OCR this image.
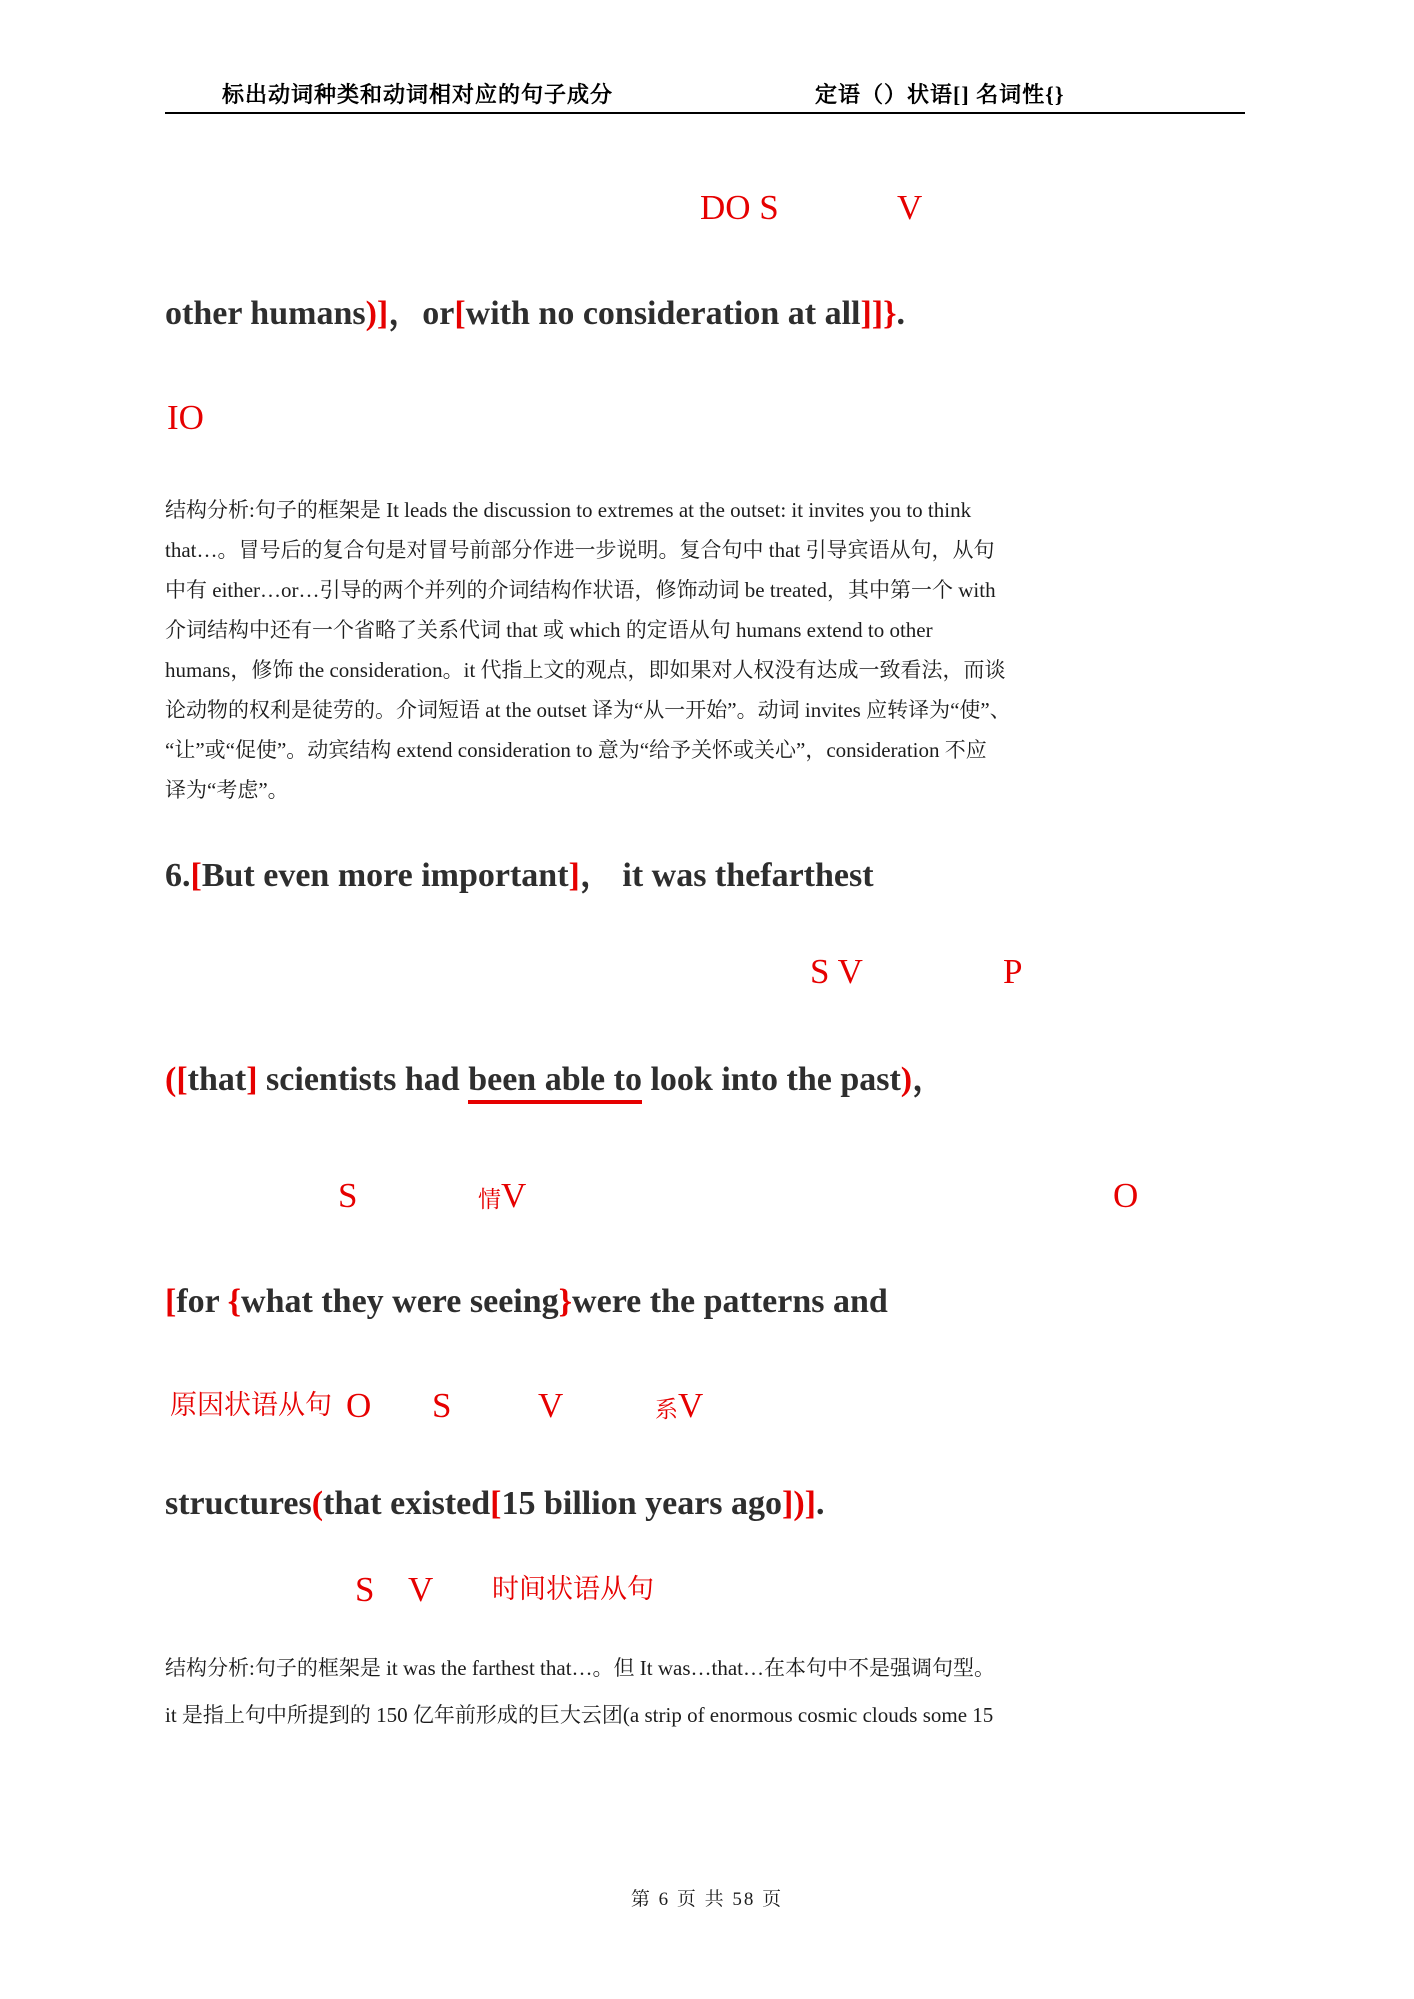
标出动词种类和动词相对应的句子成分	定语（）状语[] 名词性{}
DO S	V
other humans)]，or[with no consideration at all]]}.
IO
结构分析:句子的框架是 It leads the discussion to extremes at the outset: it invites you to think
that…。冒号后的复合句是对冒号前部分作进一步说明。复合句中 that 引导宾语从句，从句
中有 either…or…引导的两个并列的介词结构作状语，修饰动词 be treated，其中第一个 with
介词结构中还有一个省略了关系代词 that 或 which 的定语从句 humans extend to other
humans，修饰 the consideration。it 代指上文的观点，即如果对人权没有达成一致看法，而谈
论动物的权利是徒劳的。介词短语 at the outset 译为“从一开始”。动词 invites 应转译为“使”、
“让”或“促使”。动宾结构 extend consideration to 意为“给予关怀或关心”，consideration 不应
译为“考虑”。
6.[But even more important]， it was thefarthest
S V	P
([that] scientists had been able to look into the past)，
S	情V	O
[for {what they were seeing}were the patterns and
原因状语从句 O S V	系V
structures(that existed[15 billion years ago])].
S V 时间状语从句
结构分析:句子的框架是 it was the farthest that…。但 It was…that…在本句中不是强调句型。
it 是指上句中所提到的 150 亿年前形成的巨大云团(a strip of enormous cosmic clouds some 15
第 6 页 共 58 页
